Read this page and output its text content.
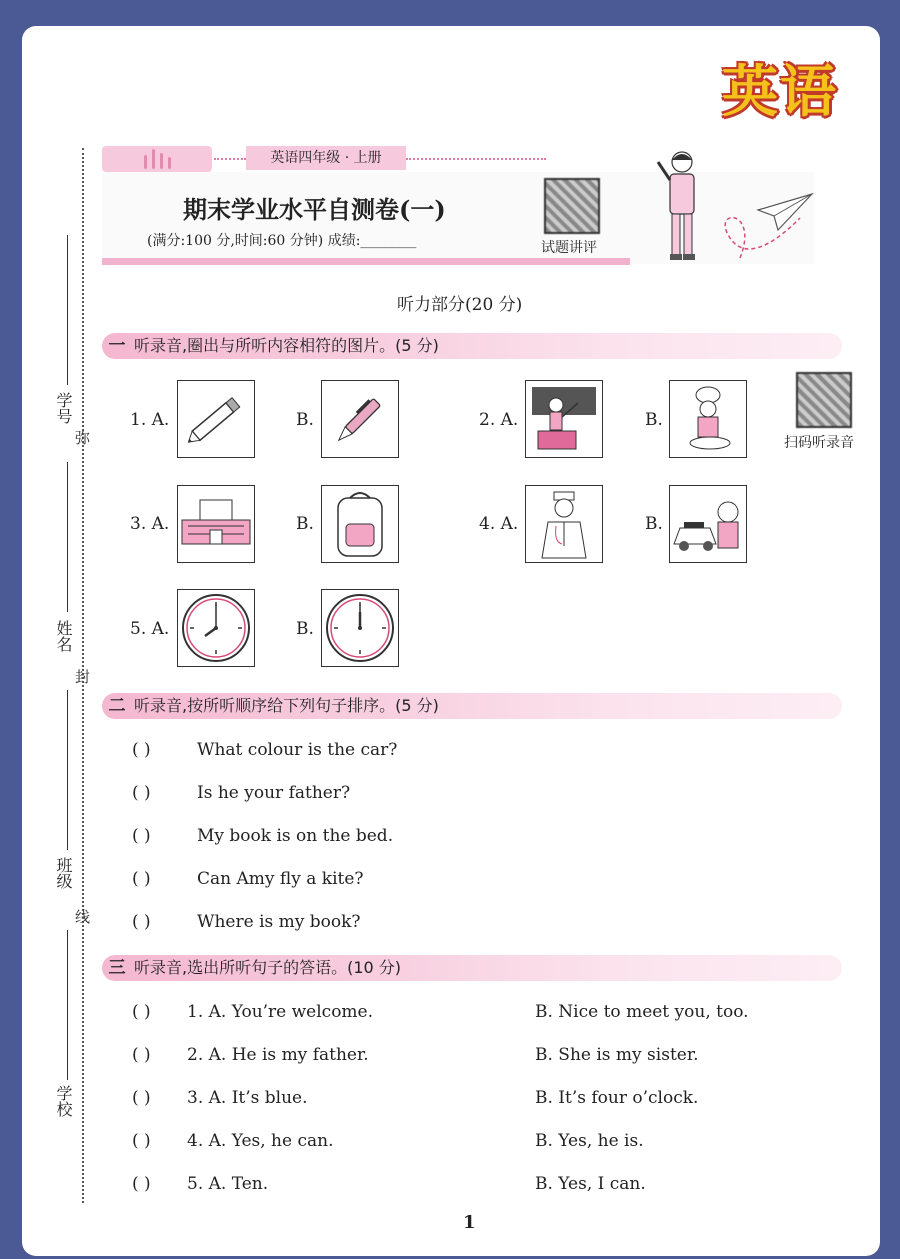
英语
学号
姓名
班级
学校
弥
封
线
英语四年级 · 上册
期末学业水平自测卷(一)
(满分:100 分,时间:60 分钟) 成绩:________	试题讲评
听力部分(20 分)
一 听录音,圈出与所听内容相符的图片。(5 分)
扫码听录音
1. A.	B.	2. A.	B.
3. A.	B.	4. A.	B.
5. A.	B.
二 听录音,按所听顺序给下列句子排序。(5 分)
( )	What colour is the car?
( )	Is he your father?
( )	My book is on the bed.
( )	Can Amy fly a kite?
( )	Where is my book?
三 听录音,选出所听句子的答语。(10 分)
( ) 1. A. You’re welcome.	B. Nice to meet you, too.
( ) 2. A. He is my father.	B. She is my sister.
( ) 3. A. It’s blue.	B. It’s four o’clock.
( ) 4. A. Yes, he can.	B. Yes, he is.
( ) 5. A. Ten.	B. Yes, I can.
1
